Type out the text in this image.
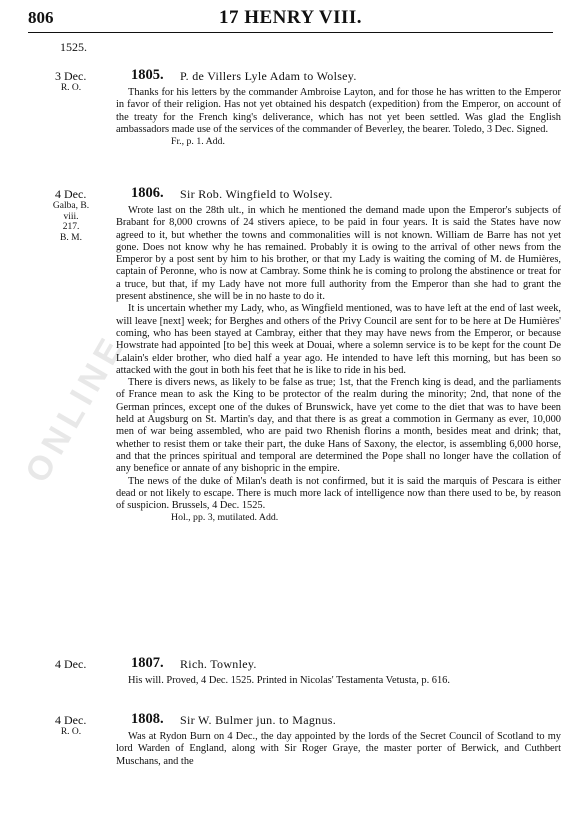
ONLINE
806	17 HENRY VIII.
1525.
3 Dec.
R. O.
1805. P. de Villers Lyle Adam to Wolsey.

Thanks for his letters by the commander Ambroise Layton, and for those he has written to the Emperor in favor of their religion. Has not yet obtained his despatch (expedition) from the Emperor, on account of the treaty for the French king's deliverance, which has not yet been settled. Was glad the English ambassadors made use of the services of the commander of Beverley, the bearer. Toledo, 3 Dec. Signed.

Fr., p. 1. Add.

4 Dec.
Galba, B. viii.
217.
B. M.
1806. Sir Rob. Wingfield to Wolsey.

Wrote last on the 28th ult., in which he mentioned the demand made upon the Emperor's subjects of Brabant for 8,000 crowns of 24 stivers apiece, to be paid in four years. It is said the States have now agreed to it, but whether the towns and commonalities will is not known. William de Barre has not yet gone. Does not know why he has remained. Probably it is owing to the arrival of other news from the Emperor by a post sent by him to his brother, or that my Lady is waiting the coming of M. de Humières, captain of Peronne, who is now at Cambray. Some think he is coming to prolong the abstinence or treat for a truce, but that, if my Lady have not more full authority from the Emperor than she had to grant the present abstinence, she will be in no haste to do it.

It is uncertain whether my Lady, who, as Wingfield mentioned, was to have left at the end of last week, will leave [next] week; for Berghes and others of the Privy Council are sent for to be here at De Humières' coming, who has been stayed at Cambray, either that they may have news from the Emperor, or because Howstrate had appointed [to be] this week at Douai, where a solemn service is to be kept for the count De Lalain's elder brother, who died half a year ago. He intended to have left this morning, but has been so attacked with the gout in both his feet that he is like to ride in his bed.

There is divers news, as likely to be false as true; 1st, that the French king is dead, and the parliaments of France mean to ask the King to be protector of the realm during the minority; 2nd, that none of the German princes, except one of the dukes of Brunswick, have yet come to the diet that was to have been held at Augsburg on St. Martin's day, and that there is as great a commotion in Germany as ever, 10,000 men of war being assembled, who are paid two Rhenish florins a month, besides meat and drink; that, whether to resist them or take their part, the duke Hans of Saxony, the elector, is assembling 6,000 horse, and that the princes spiritual and temporal are determined the Pope shall no longer have the collation of any benefice or annate of any bishopric in the empire.

The news of the duke of Milan's death is not confirmed, but it is said the marquis of Pescara is either dead or not likely to escape. There is much more lack of intelligence now than there used to be, by reason of suspicion. Brussels, 4 Dec. 1525.

Hol., pp. 3, mutilated. Add.

4 Dec.	1807. Rich. Townley.

His will. Proved, 4 Dec. 1525. Printed in Nicolas' Testamenta Vetusta, p. 616.

4 Dec.
R. O.
1808. Sir W. Bulmer jun. to Magnus.

Was at Rydon Burn on 4 Dec., the day appointed by the lords of the Secret Council of Scotland to my lord Warden of England, along with Sir Roger Graye, the master porter of Berwick, and Cuthbert Muschans, and the
